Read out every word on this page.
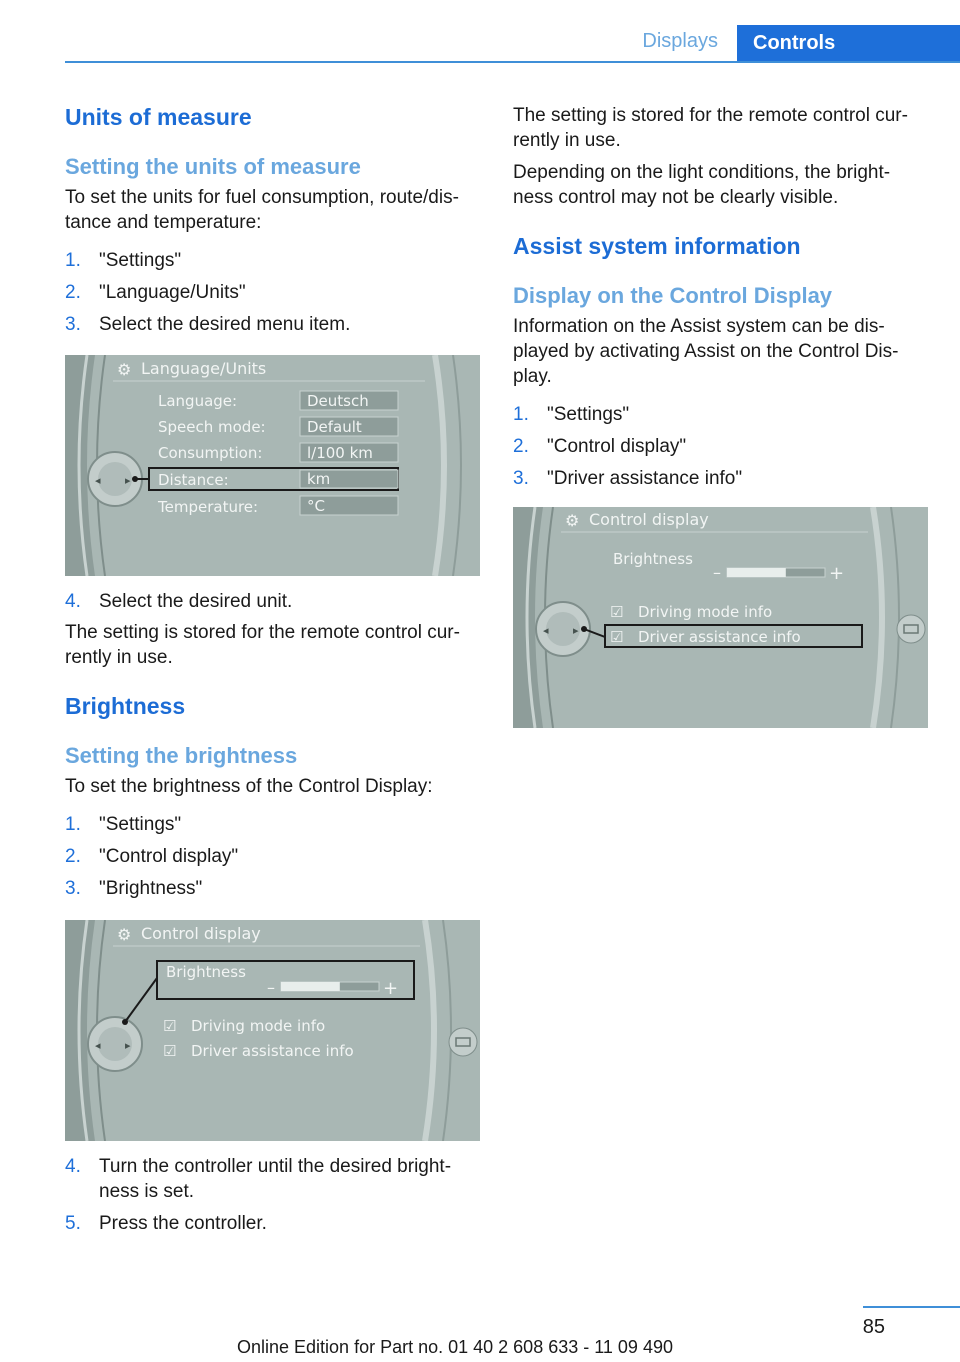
Displays	Controls
Units of measure
Setting the units of measure

To set the units for fuel consumption, route/dis-tance and temperature:

1. "Settings"
2. "Language/Units"
3. Select the desired menu item.
◂ ▸
⚙ Language/Units
Language:	Deutsch
Speech mode:	Default
Consumption:	l/100 km
Distance:	km
Temperature:	°C
4. Select the desired unit.

The setting is stored for the remote control cur-rently in use.

Brightness
Setting the brightness

To set the brightness of the Control Display:

1. "Settings"
2. "Control display"
3. "Brightness"
◂ ▸
⚙ Control display
Brightness
–	+
☑ Driving mode info
☑ Driver assistance info
4. Turn the controller until the desired bright-ness is set.
5. Press the controller.

The setting is stored for the remote control cur-rently in use.

Depending on the light conditions, the bright-ness control may not be clearly visible.

Assist system information
Display on the Control Display

Information on the Assist system can be dis-played by activating Assist on the Control Dis-play.

1. "Settings"
2. "Control display"
3. "Driver assistance info"
◂ ▸
⚙ Control display
Brightness
–	+
☑ Driving mode info
☑ Driver assistance info
85
Online Edition for Part no. 01 40 2 608 633 - 11 09 490
